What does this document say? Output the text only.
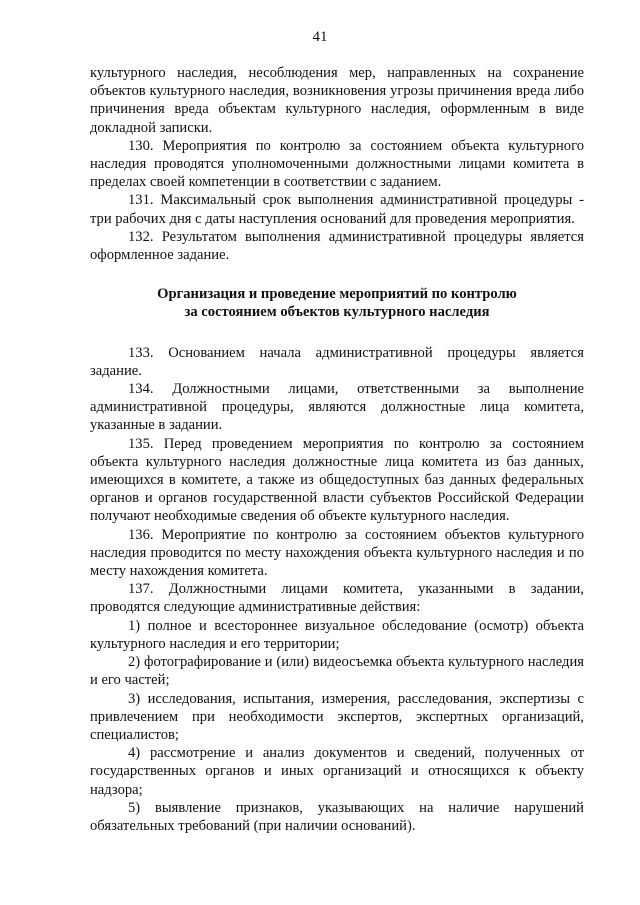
41

культурного наследия, несоблюдения мер, направленных на сохранение объектов культурного наследия, возникновения угрозы причинения вреда либо причинения вреда объектам культурного наследия, оформленным в виде докладной записки.

130. Мероприятия по контролю за состоянием объекта культурного наследия проводятся уполномоченными должностными лицами комитета в пределах своей компетенции в соответствии с заданием.

131. Максимальный срок выполнения административной процедуры - три рабочих дня с даты наступления оснований для проведения мероприятия.

132. Результатом выполнения административной процедуры является оформленное задание.

Организация и проведение мероприятий по контролю
за состоянием объектов культурного наследия

133. Основанием начала административной процедуры является задание.

134. Должностными лицами, ответственными за выполнение административной процедуры, являются должностные лица комитета, указанные в задании.

135. Перед проведением мероприятия по контролю за состоянием объекта культурного наследия должностные лица комитета из баз данных, имеющихся в комитете, а также из общедоступных баз данных федеральных органов и органов государственной власти субъектов Российской Федерации получают необходимые сведения об объекте культурного наследия.

136. Мероприятие по контролю за состоянием объектов культурного наследия проводится по месту нахождения объекта культурного наследия и по месту нахождения комитета.

137. Должностными лицами комитета, указанными в задании, проводятся следующие административные действия:

1) полное и всестороннее визуальное обследование (осмотр) объекта культурного наследия и его территории;

2) фотографирование и (или) видеосъемка объекта культурного наследия и его частей;

3) исследования, испытания, измерения, расследования, экспертизы с привлечением при необходимости экспертов, экспертных организаций, специалистов;

4) рассмотрение и анализ документов и сведений, полученных от государственных органов и иных организаций и относящихся к объекту надзора;

5) выявление признаков, указывающих на наличие нарушений обязательных требований (при наличии оснований).
